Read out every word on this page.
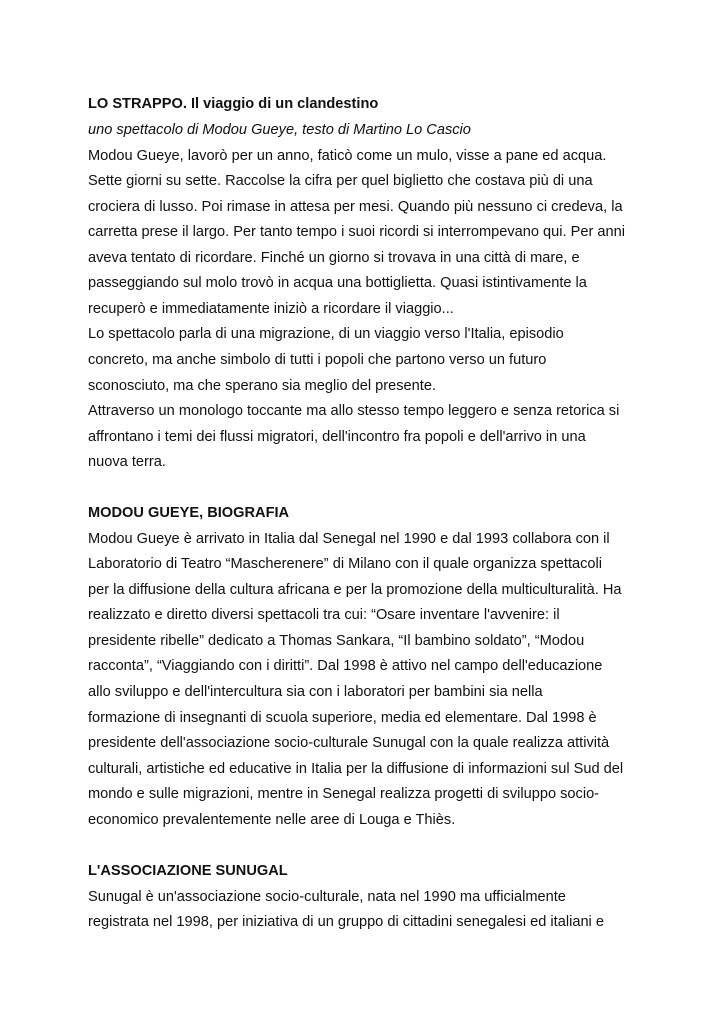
LO STRAPPO. Il viaggio di un clandestino

uno spettacolo di Modou Gueye, testo di Martino Lo Cascio

Modou Gueye, lavorò per un anno, faticò come un mulo, visse a pane ed acqua.

Sette giorni su sette. Raccolse la cifra per quel biglietto che costava più di una

crociera di lusso. Poi rimase in attesa per mesi. Quando più nessuno ci credeva, la

carretta prese il largo. Per tanto tempo i suoi ricordi si interrompevano qui. Per anni

aveva tentato di ricordare. Finché un giorno si trovava in una città di mare, e

passeggiando sul molo trovò in acqua una bottiglietta. Quasi istintivamente la

recuperò e immediatamente iniziò a ricordare il viaggio...

Lo spettacolo parla di una migrazione, di un viaggio verso l'Italia, episodio

concreto, ma anche simbolo di tutti i popoli che partono verso un futuro

sconosciuto, ma che sperano sia meglio del presente.

Attraverso un monologo toccante ma allo stesso tempo leggero e senza retorica si

affrontano i temi dei flussi migratori, dell'incontro fra popoli e dell'arrivo in una

nuova terra.

MODOU GUEYE, BIOGRAFIA

Modou Gueye è arrivato in Italia dal Senegal nel 1990 e dal 1993 collabora con il

Laboratorio di Teatro “Mascherenere” di Milano con il quale organizza spettacoli

per la diffusione della cultura africana e per la promozione della multiculturalità. Ha

realizzato e diretto diversi spettacoli tra cui: “Osare inventare l'avvenire: il

presidente ribelle” dedicato a Thomas Sankara, “Il bambino soldato”, “Modou

racconta”, “Viaggiando con i diritti”. Dal 1998 è attivo nel campo dell'educazione

allo sviluppo e dell'intercultura sia con i laboratori per bambini sia nella

formazione di insegnanti di scuola superiore, media ed elementare. Dal 1998 è

presidente dell'associazione socio-culturale Sunugal con la quale realizza attività

culturali, artistiche ed educative in Italia per la diffusione di informazioni sul Sud del

mondo e sulle migrazioni, mentre in Senegal realizza progetti di sviluppo socio-

economico prevalentemente nelle aree di Louga e Thiès.

L'ASSOCIAZIONE SUNUGAL

Sunugal è un'associazione socio-culturale, nata nel 1990 ma ufficialmente

registrata nel 1998, per iniziativa di un gruppo di cittadini senegalesi ed italiani e
